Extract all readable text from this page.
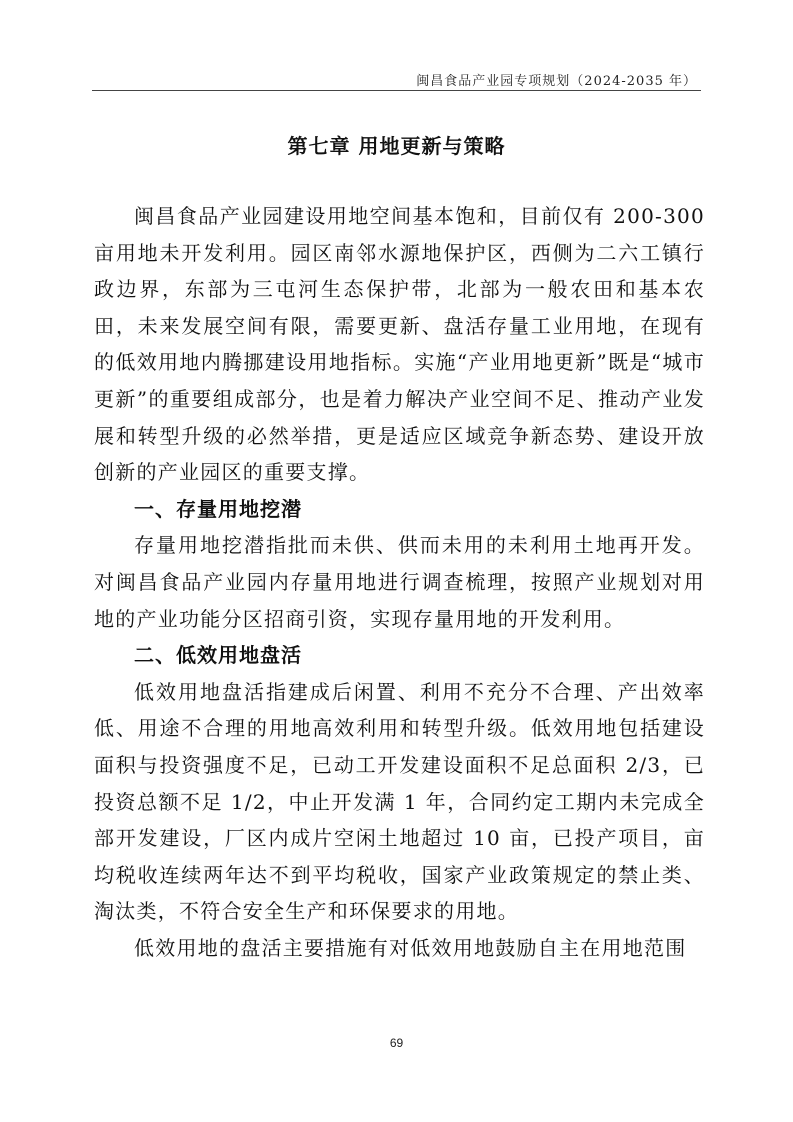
闽昌食品产业园专项规划（2024-2035 年）
第七章 用地更新与策略

闽昌食品产业园建设用地空间基本饱和，目前仅有 200-300 亩用地未开发利用。园区南邻水源地保护区，西侧为二六工镇行政边界，东部为三屯河生态保护带，北部为一般农田和基本农田，未来发展空间有限，需要更新、盘活存量工业用地，在现有的低效用地内腾挪建设用地指标。实施“产业用地更新”既是“城市更新”的重要组成部分，也是着力解决产业空间不足、推动产业发展和转型升级的必然举措，更是适应区域竞争新态势、建设开放创新的产业园区的重要支撑。

一、存量用地挖潜

存量用地挖潜指批而未供、供而未用的未利用土地再开发。对闽昌食品产业园内存量用地进行调查梳理，按照产业规划对用地的产业功能分区招商引资，实现存量用地的开发利用。

二、低效用地盘活

低效用地盘活指建成后闲置、利用不充分不合理、产出效率低、用途不合理的用地高效利用和转型升级。低效用地包括建设面积与投资强度不足，已动工开发建设面积不足总面积 2/3，已投资总额不足 1/2，中止开发满 1 年，合同约定工期内未完成全部开发建设，厂区内成片空闲土地超过 10 亩，已投产项目，亩均税收连续两年达不到平均税收，国家产业政策规定的禁止类、淘汰类，不符合安全生产和环保要求的用地。

低效用地的盘活主要措施有对低效用地鼓励自主在用地范围

69
